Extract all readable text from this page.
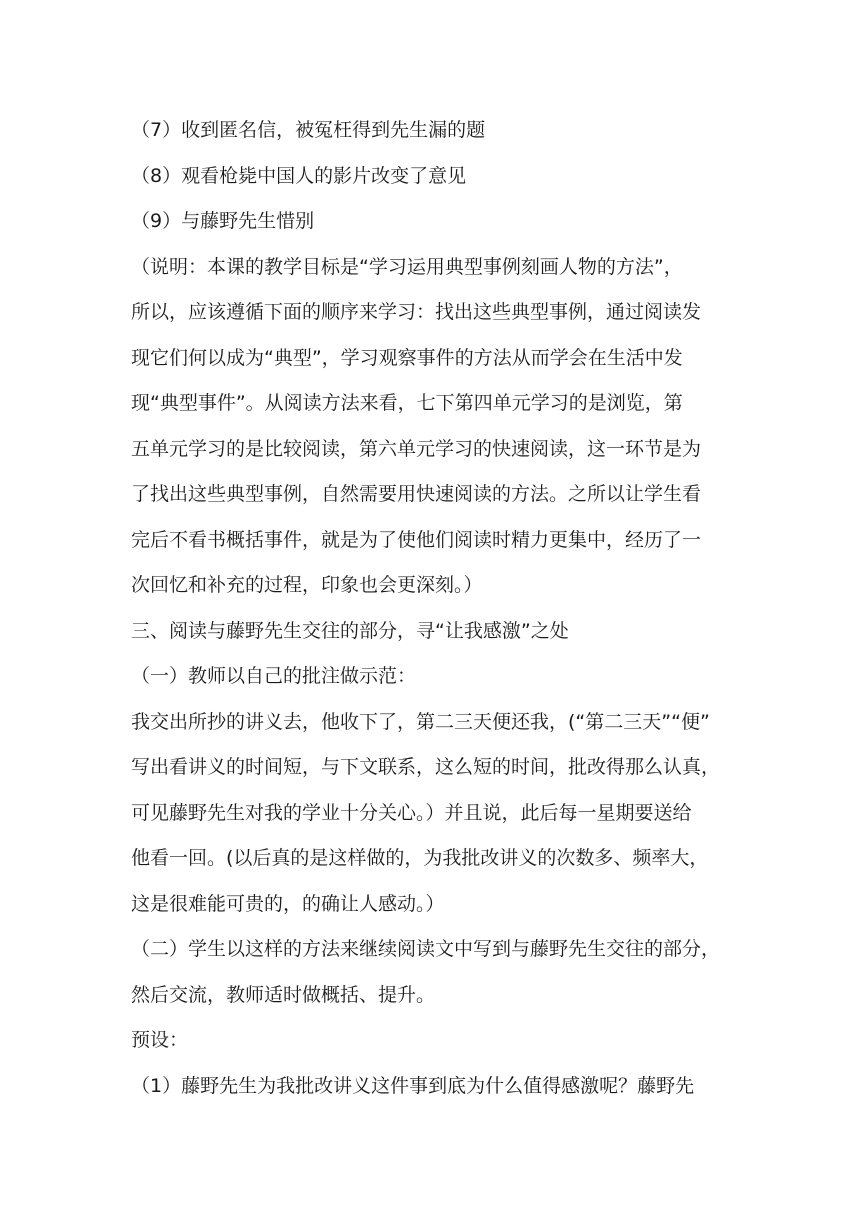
（7）收到匿名信，被冤枉得到先生漏的题
（8）观看枪毙中国人的影片改变了意见
（9）与藤野先生惜别
（说明：本课的教学目标是“学习运用典型事例刻画人物的方法”，
所以，应该遵循下面的顺序来学习：找出这些典型事例，通过阅读发
现它们何以成为“典型”，学习观察事件的方法从而学会在生活中发
现“典型事件”。从阅读方法来看，七下第四单元学习的是浏览，第
五单元学习的是比较阅读，第六单元学习的快速阅读，这一环节是为
了找出这些典型事例，自然需要用快速阅读的方法。之所以让学生看
完后不看书概括事件，就是为了使他们阅读时精力更集中，经历了一
次回忆和补充的过程，印象也会更深刻。）
三、阅读与藤野先生交往的部分，寻“让我感激”之处
（一）教师以自己的批注做示范：
我交出所抄的讲义去，他收下了，第二三天便还我，(“第二三天”“便”
写出看讲义的时间短，与下文联系，这么短的时间，批改得那么认真，
可见藤野先生对我的学业十分关心。）并且说，此后每一星期要送给
他看一回。(以后真的是这样做的，为我批改讲义的次数多、频率大，
这是很难能可贵的，的确让人感动。）
（二）学生以这样的方法来继续阅读文中写到与藤野先生交往的部分，
然后交流，教师适时做概括、提升。
预设：
（1）藤野先生为我批改讲义这件事到底为什么值得感激呢？藤野先
